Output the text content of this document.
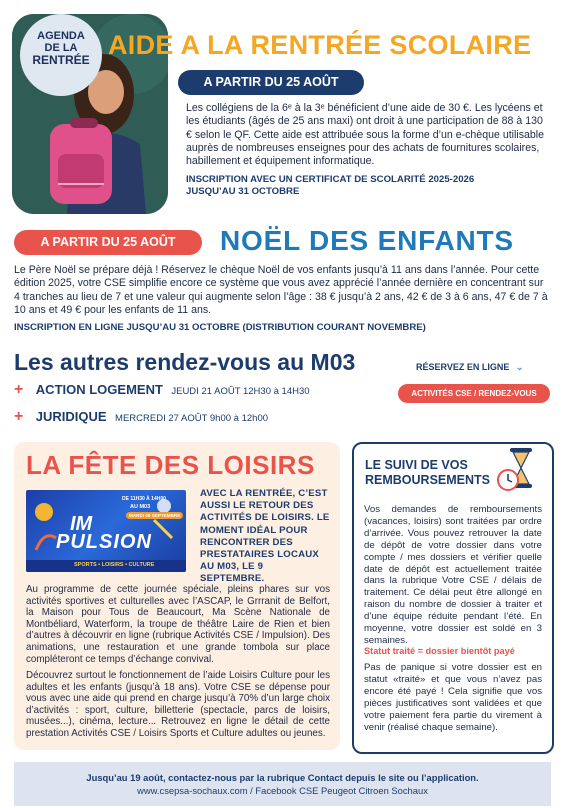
AGENDA
DE LA
RENTRÉE AIDE A LA RENTRÉE SCOLAIRE
A PARTIR DU 25 AOÛT
Les collégiens de la 6ᵉ à la 3ᵉ bénéficient d’une aide de 30 €. Les lycéens et les étudiants (âgés de 25 ans maxi) ont droit à une participation de 88 à 130 € selon le QF. Cette aide est attribuée sous la forme d’un e-chèque utilisable auprès de nombreuses enseignes pour des achats de fournitures scolaires, habillement et équipement informatique.
INSCRIPTION AVEC UN CERTIFICAT DE SCOLARITÉ 2025-2026
JUSQU’AU 31 OCTOBRE
A PARTIR DU 25 AOÛT	NOËL DES ENFANTS
Le Père Noël se prépare déjà ! Réservez le chèque Noël de vos enfants jusqu’à 11 ans dans l’année. Pour cette édition 2025, votre CSE simplifie encore ce système que vous avez apprécié l’année dernière en concentrant sur 4 tranches au lieu de 7 et une valeur qui augmente selon l’âge : 38 € jusqu’à 2 ans, 42 € de 3 à 6 ans, 47 € de 7 à 10 ans et 49 € pour les enfants de 11 ans.
INSCRIPTION EN LIGNE JUSQU’AU 31 OCTOBRE (DISTRIBUTION COURANT NOVEMBRE)
Les autres rendez-vous au M03	RÉSERVEZ EN LIGNE ⌄
ACTIVITÉS CSE / RENDEZ-VOUS PARTENAIRES
+ ACTION LOGEMENT JEUDI 21 AOÛT 12H30 à 14H30
+ JURIDIQUE MERCREDI 27 AOÛT 9h00 à 12h00
LA FÊTE DES LOISIRS
DE 11H30 À 14H00
AU M03
MARDI 09 SEPTEMBRE
IM
PULSION
SPORTS • LOISIRS • CULTURE
AVEC LA RENTRÉE, C’EST AUSSI LE RETOUR DES ACTIVITÉS DE LOISIRS. LE MOMENT IDÉAL POUR RENCONTRER DES PRESTATAIRES LOCAUX AU M03, LE 9 SEPTEMBRE.
Au programme de cette journée spéciale, pleins phares sur vos activités sportives et culturelles avec l’ASCAP, le Grrranit de Belfort, la Maison pour Tous de Beaucourt, Ma Scène Nationale de Montbéliard, Waterform, la troupe de théâtre Laire de Rien et bien d’autres à découvrir en ligne (rubrique Activités CSE / Impulsion). Des animations, une restauration et une grande tombola sur place compléteront ce temps d’échange convival.
Découvrez surtout le fonctionnement de l’aide Loisirs Culture pour les adultes et les enfants (jusqu’à 18 ans). Votre CSE se dépense pour vous avec une aide qui prend en charge jusqu’à 70% d’un large choix d’activités : sport, culture, billetterie (spectacle, parcs de loisirs, musées...), cinéma, lecture... Retrouvez en ligne le détail de cette prestation Activités CSE / Loisirs Sports et Culture adultes ou jeunes.
LE SUIVI DE VOS
REMBOURSEMENTS
Vos demandes de remboursements (vacances, loisirs) sont traitées par ordre d’arrivée. Vous pouvez retrouver la date de dépôt de votre dossier dans votre compte / mes dossiers et vérifier quelle date de dépôt est actuellement traitée dans la rubrique Votre CSE / délais de traitement. Ce délai peut être allongé en raison du nombre de dossier à traiter et d’une équipe réduite pendant l’été. En moyenne, votre dossier est soldé en 3 semaines.
Statut traité = dossier bientôt payé
Pas de panique si votre dossier est en statut «traité» et que vous n’avez pas encore été payé ! Cela signifie que vos pièces justificatives sont validées et que votre paiement fera partie du virement à venir (réalisé chaque semaine).
Jusqu’au 19 août, contactez-nous par la rubrique Contact depuis le site ou l’application.
www.csepsa-sochaux.com / Facebook CSE Peugeot Citroen Sochaux
